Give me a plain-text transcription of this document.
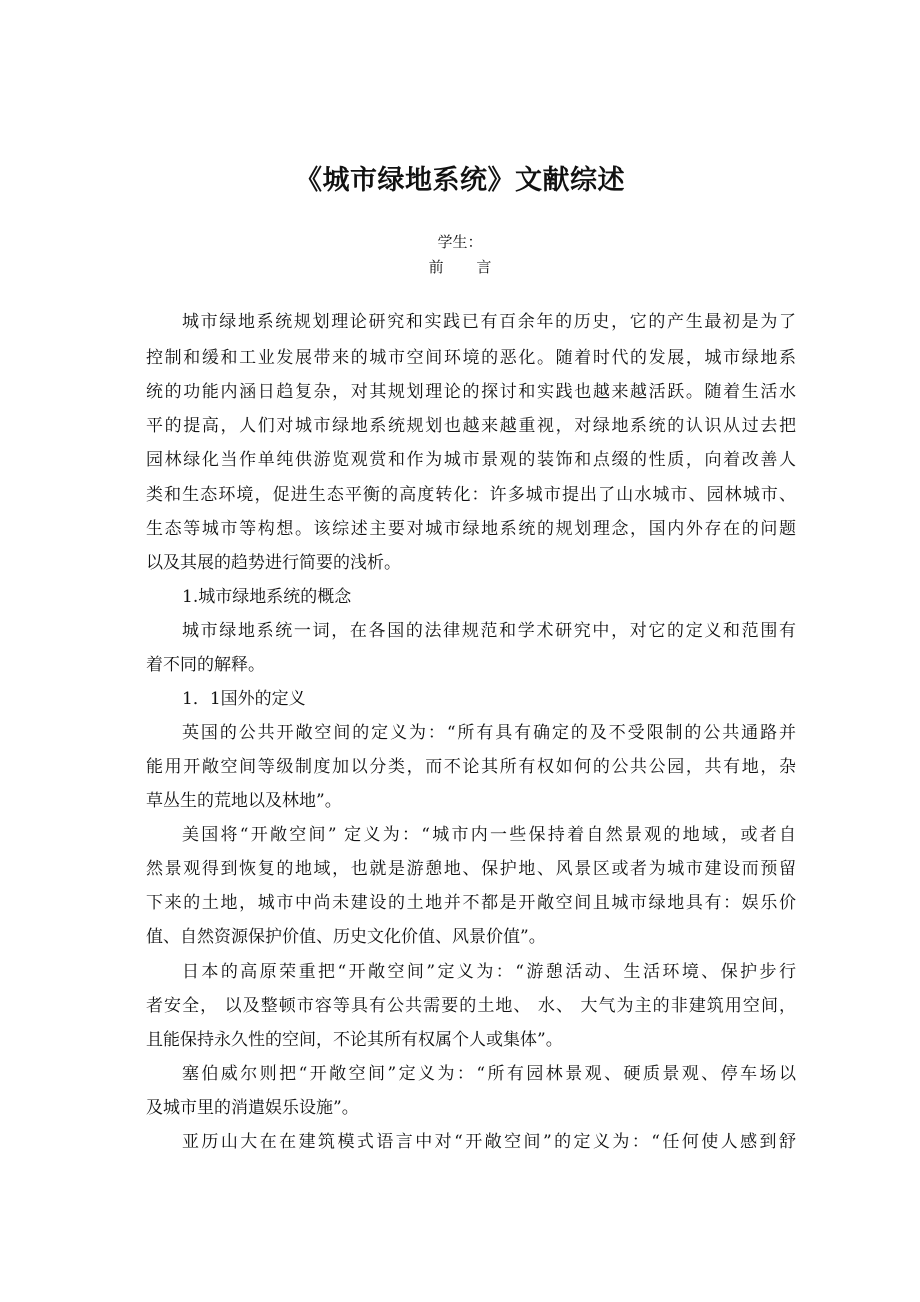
《城市绿地系统》文献综述
学生：
前 言
城市绿地系统规划理论研究和实践已有百余年的历史，它的产生最初是为了
控制和缓和工业发展带来的城市空间环境的恶化。随着时代的发展，城市绿地系
统的功能内涵日趋复杂，对其规划理论的探讨和实践也越来越活跃。随着生活水
平的提高，人们对城市绿地系统规划也越来越重视，对绿地系统的认识从过去把
园林绿化当作单纯供游览观赏和作为城市景观的装饰和点缀的性质，向着改善人
类和生态环境，促进生态平衡的高度转化：许多城市提出了山水城市、园林城市、
生态等城市等构想。该综述主要对城市绿地系统的规划理念，国内外存在的问题
以及其展的趋势进行简要的浅析。
1.城市绿地系统的概念
城市绿地系统一词，在各国的法律规范和学术研究中，对它的定义和范围有
着不同的解释。
1．1国外的定义
英国的公共开敞空间的定义为：“所有具有确定的及不受限制的公共通路并
能用开敞空间等级制度加以分类，而不论其所有权如何的公共公园，共有地，杂
草丛生的荒地以及林地”。
美国将“开敞空间” 定义为：“城市内一些保持着自然景观的地域，或者自
然景观得到恢复的地域，也就是游憩地、保护地、风景区或者为城市建设而预留
下来的土地，城市中尚未建设的土地并不都是开敞空间且城市绿地具有：娱乐价
值、自然资源保护价值、历史文化价值、风景价值”。
日本的高原荣重把“开敞空间”定义为：“游憩活动、生活环境、保护步行
者安全， 以及整顿市容等具有公共需要的土地、 水、 大气为主的非建筑用空间，
且能保持永久性的空间，不论其所有权属个人或集体”。
塞伯威尔则把“开敞空间”定义为：“所有园林景观、硬质景观、停车场以
及城市里的消遣娱乐设施”。
亚历山大在在建筑模式语言中对“开敞空间”的定义为：“任何使人感到舒
